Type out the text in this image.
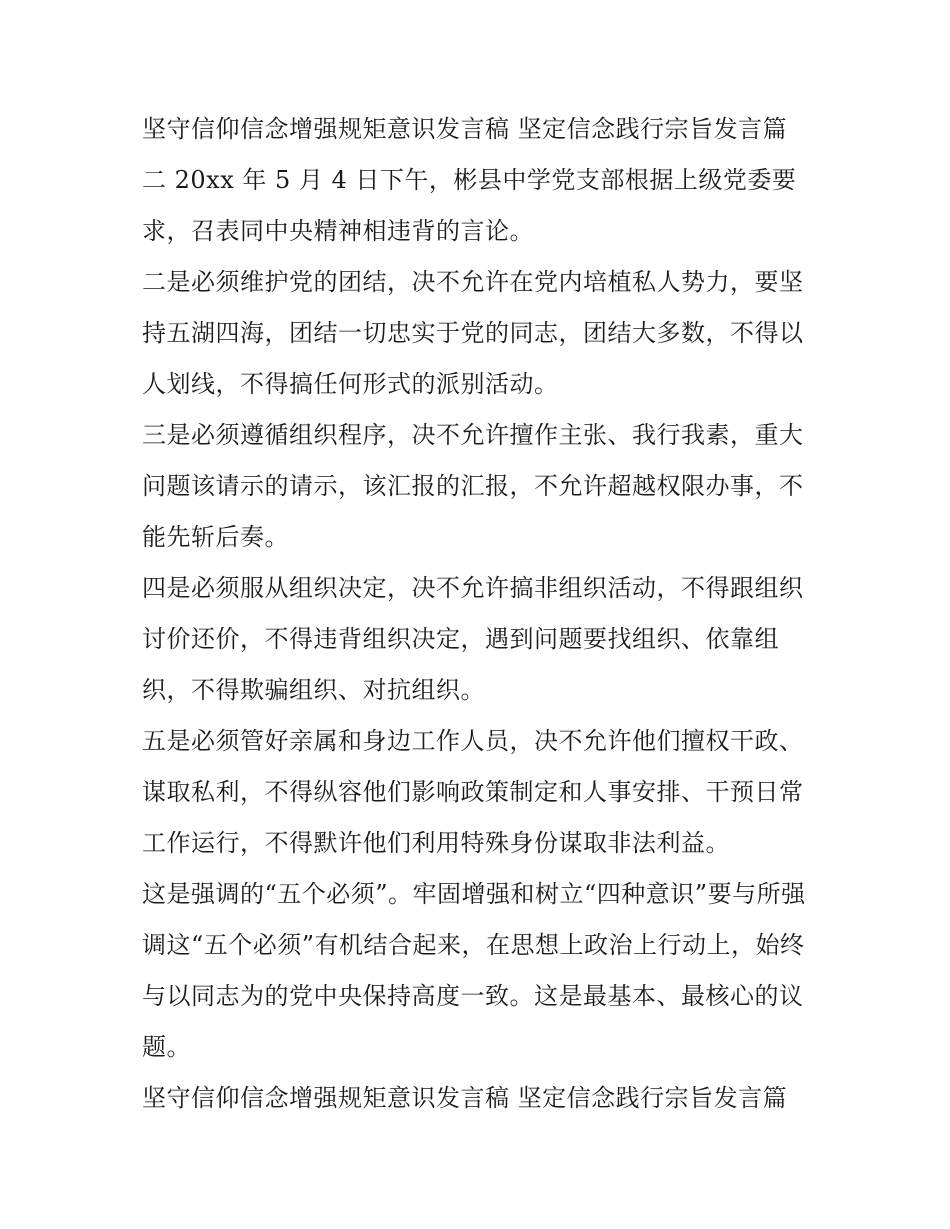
坚守信仰信念增强规矩意识发言稿 坚定信念践行宗旨发言篇
二 20xx 年 5 月 4 日下午，彬县中学党支部根据上级党委要
求，召表同中央精神相违背的言论。
二是必须维护党的团结，决不允许在党内培植私人势力，要坚
持五湖四海，团结一切忠实于党的同志，团结大多数，不得以
人划线，不得搞任何形式的派别活动。
三是必须遵循组织程序，决不允许擅作主张、我行我素，重大
问题该请示的请示，该汇报的汇报，不允许超越权限办事，不
能先斩后奏。
四是必须服从组织决定，决不允许搞非组织活动，不得跟组织
讨价还价，不得违背组织决定，遇到问题要找组织、依靠组
织，不得欺骗组织、对抗组织。
五是必须管好亲属和身边工作人员，决不允许他们擅权干政、
谋取私利，不得纵容他们影响政策制定和人事安排、干预日常
工作运行，不得默许他们利用特殊身份谋取非法利益。
这是强调的“五个必须”。牢固增强和树立“四种意识”要与所强
调这“五个必须”有机结合起来，在思想上政治上行动上，始终
与以同志为的党中央保持高度一致。这是最基本、最核心的议
题。
坚守信仰信念增强规矩意识发言稿 坚定信念践行宗旨发言篇
